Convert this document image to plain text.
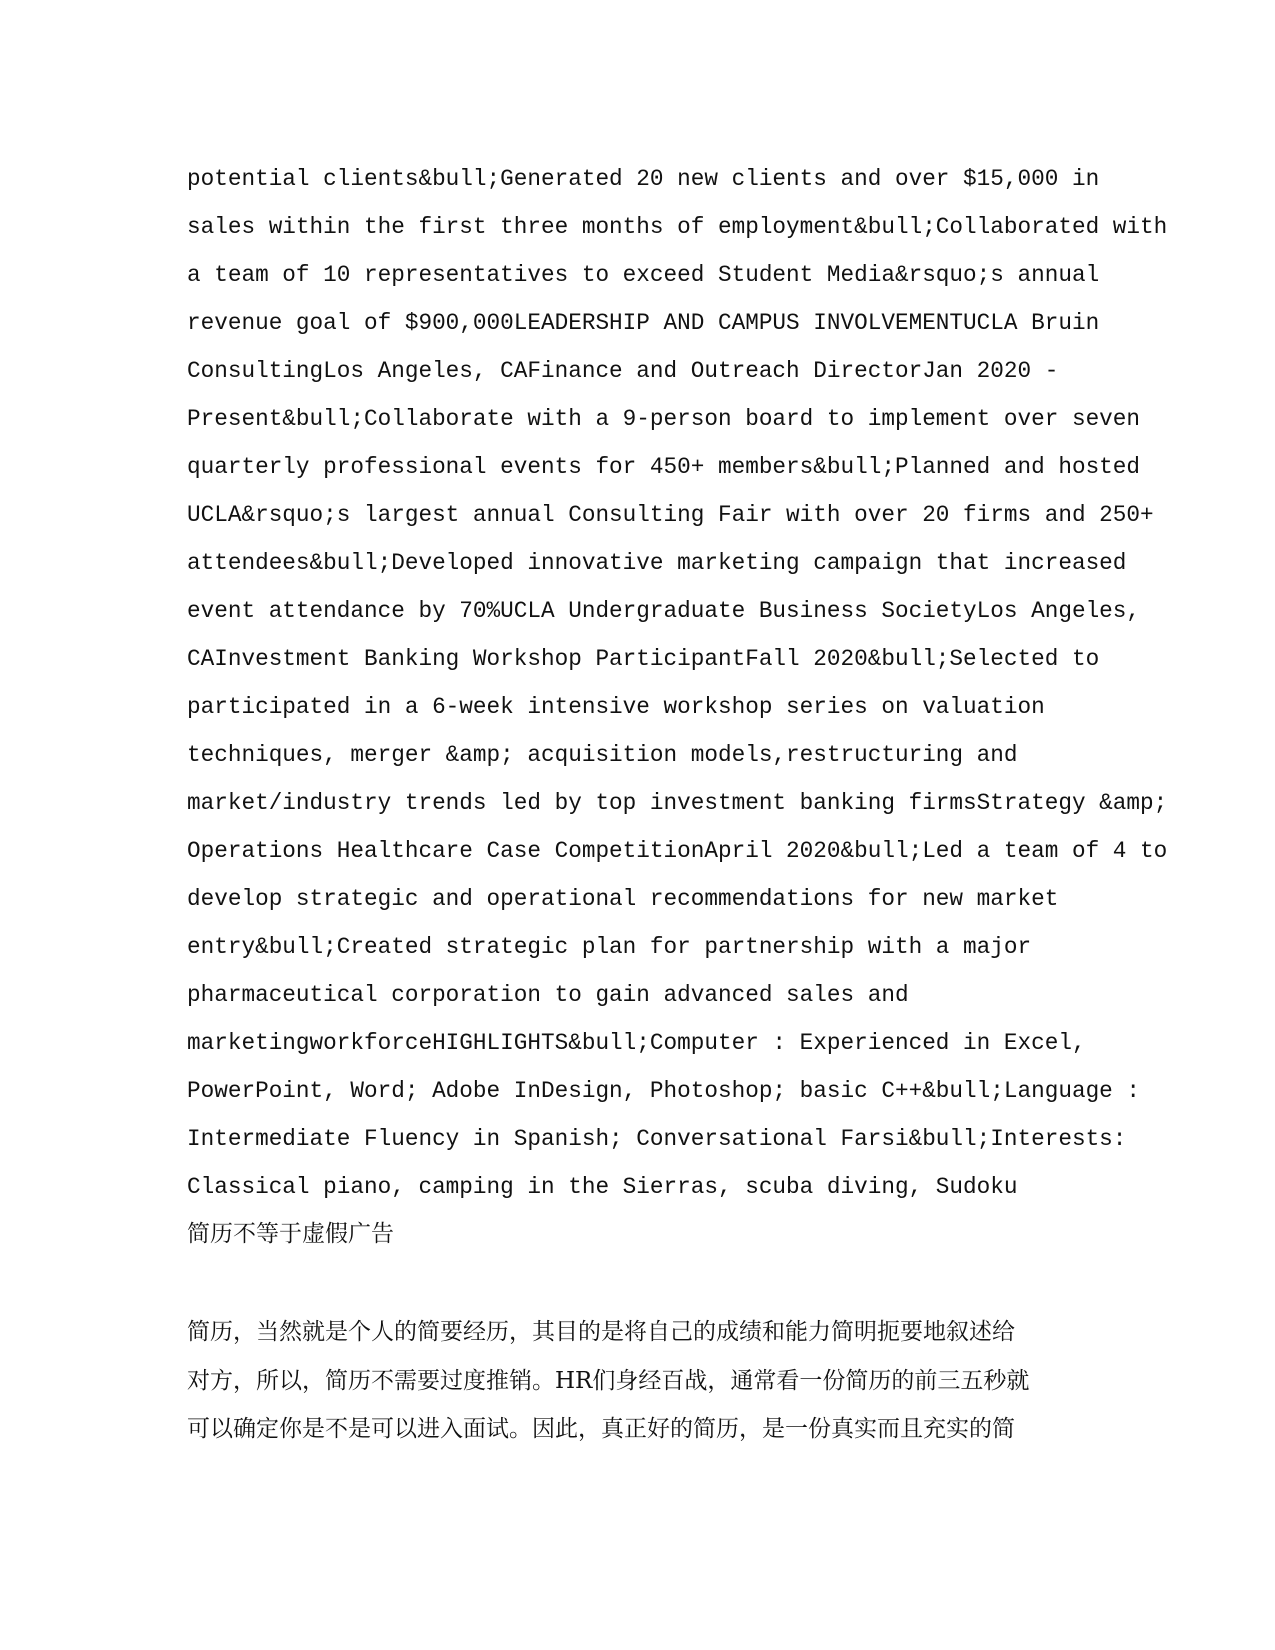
potential clients&bull;Generated 20 new clients and over $15,000 in
sales within the first three months of employment&bull;Collaborated with
a team of 10 representatives to exceed Student Media&rsquo;s annual
revenue goal of $900,000LEADERSHIP AND CAMPUS INVOLVEMENTUCLA Bruin
ConsultingLos Angeles, CAFinance and Outreach DirectorJan 2020 -
Present&bull;Collaborate with a 9-person board to implement over seven
quarterly professional events for 450+ members&bull;Planned and hosted
UCLA&rsquo;s largest annual Consulting Fair with over 20 firms and 250+
attendees&bull;Developed innovative marketing campaign that increased
event attendance by 70%UCLA Undergraduate Business SocietyLos Angeles,
CAInvestment Banking Workshop ParticipantFall 2020&bull;Selected to
participated in a 6-week intensive workshop series on valuation
techniques, merger &amp; acquisition models,restructuring and
market/industry trends led by top investment banking firmsStrategy &amp;
Operations Healthcare Case CompetitionApril 2020&bull;Led a team of 4 to
develop strategic and operational recommendations for new market
entry&bull;Created strategic plan for partnership with a major
pharmaceutical corporation to gain advanced sales and
marketingworkforceHIGHLIGHTS&bull;Computer : Experienced in Excel,
PowerPoint, Word; Adobe InDesign, Photoshop; basic C++&bull;Language :
Intermediate Fluency in Spanish; Conversational Farsi&bull;Interests:
Classical piano, camping in the Sierras, scuba diving, Sudoku
简历不等于虚假广告
简历，当然就是个人的简要经历，其目的是将自己的成绩和能力简明扼要地叙述给
对方，所以，简历不需要过度推销。HR们身经百战，通常看一份简历的前三五秒就
可以确定你是不是可以进入面试。因此，真正好的简历，是一份真实而且充实的简
